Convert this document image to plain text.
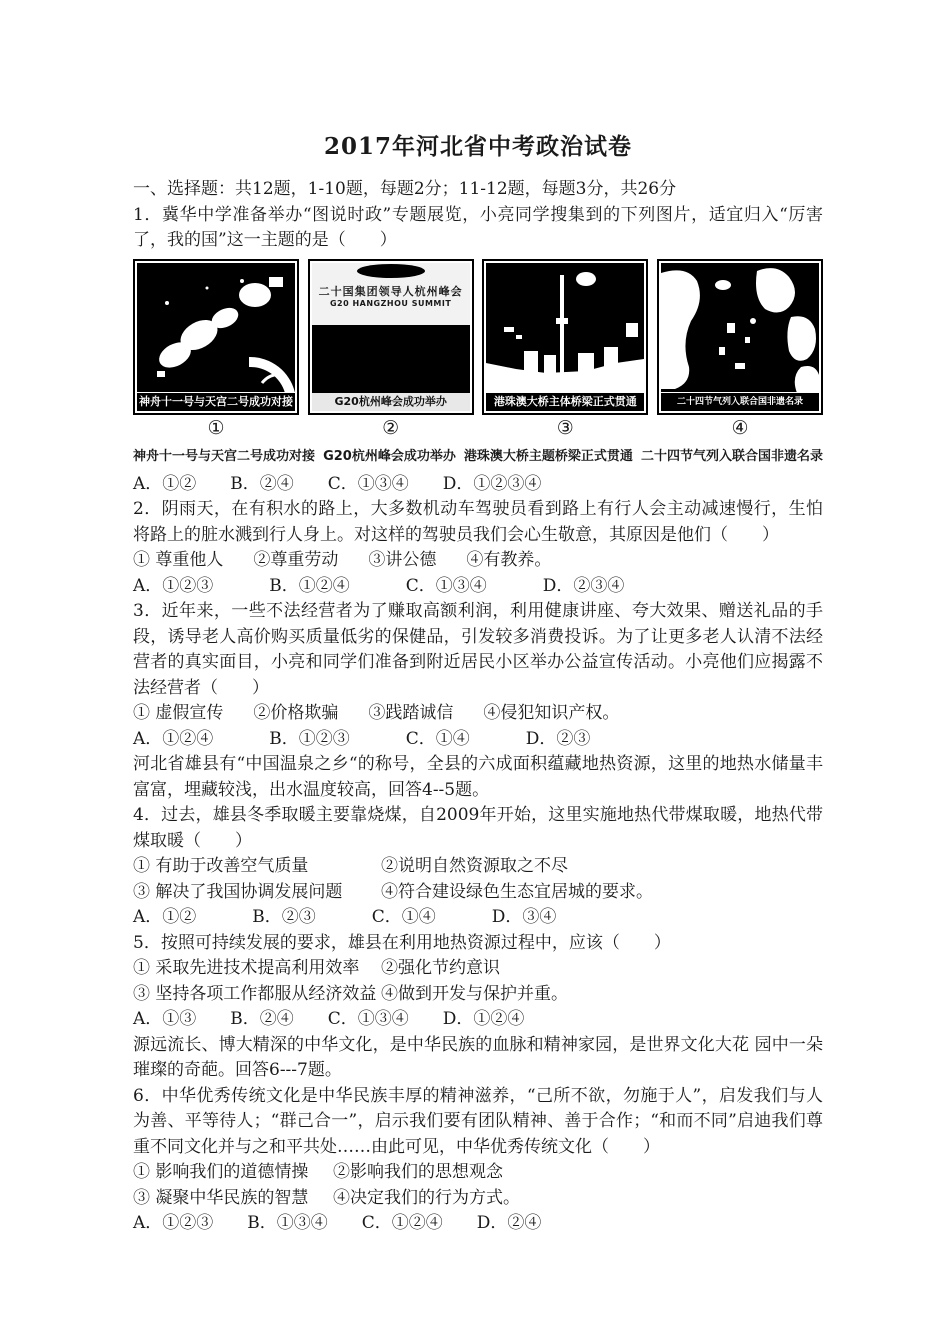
2017年河北省中考政治试卷

一、选择题：共12题，1-10题，每题2分；11-12题，每题3分，共26分

1．冀华中学准备举办“图说时政”专题展览，小亮同学搜集到的下列图片，适宜归入“厉害了，我的国”这一主题的是（　　）

神舟十一号与天宫二号成功对接
①
二十国集团领导人杭州峰会
G20 HANGZHOU SUMMIT
G20杭州峰会成功举办
②
港珠澳大桥主体桥梁正式贯通
③
二十四节气列入联合国非遗名录
④
神舟十一号与天宫二号成功对接 G20杭州峰会成功举办 港珠澳大桥主题桥梁正式贯通 二十四节气列入联合国非遗名录
A．①② B．②④ C．①③④ D．①②③④

2．阴雨天，在有积水的路上，大多数机动车驾驶员看到路上有行人会主动减速慢行，生怕将路上的脏水溅到行人身上。对这样的驾驶员我们会心生敬意，其原因是他们（　　）

① 尊重他人 ②尊重劳动 ③讲公德 ④有教养。
A．①②③	B．①②④	C．①③④	D．②③④

3．近年来，一些不法经营者为了赚取高额利润，利用健康讲座、夸大效果、赠送礼品的手段，诱导老人高价购买质量低劣的保健品，引发较多消费投诉。为了让更多老人认清不法经营者的真实面目，小亮和同学们准备到附近居民小区举办公益宣传活动。小亮他们应揭露不法经营者（　　）

① 虚假宣传 ②价格欺骗 ③践踏诚信 ④侵犯知识产权。
A．①②④	B．①②③	C．①④	D．②③

河北省雄县有“中国温泉之乡“的称号，全县的六成面积蕴藏地热资源，这里的地热水储量丰富富，埋藏较浅，出水温度较高，回答4--5题。

4．过去，雄县冬季取暖主要靠烧煤，自2009年开始，这里实施地热代带煤取暖，地热代带煤取暖（　　）

① 有助于改善空气质量	②说明自然资源取之不尽
③ 解决了我国协调发展问题	④符合建设绿色生态宜居城的要求。
A．①②	B．②③	C．①④	D．③④

5．按照可持续发展的要求，雄县在利用地热资源过程中，应该（　　）

① 采取先进技术提高利用效率	②强化节约意识
③ 坚持各项工作都服从经济效益 ④做到开发与保护并重。
A．①③ B．②④ C．①③④ D．①②④

源远流长、博大精深的中华文化，是中华民族的血脉和精神家园，是世界文化大花 园中一朵璀璨的奇葩。回答6---7题。

6．中华优秀传统文化是中华民族丰厚的精神滋养，“己所不欲，勿施于人”，启发我们与人为善、平等待人；“群己合一”，启示我们要有团队精神、善于合作；“和而不同”启迪我们尊重不同文化并与之和平共处……由此可见，中华优秀传统文化（　　）

① 影响我们的道德情操	②影响我们的思想观念
③ 凝聚中华民族的智慧	④决定我们的行为方式。
A．①②③ B．①③④ C．①②④ D．②④
